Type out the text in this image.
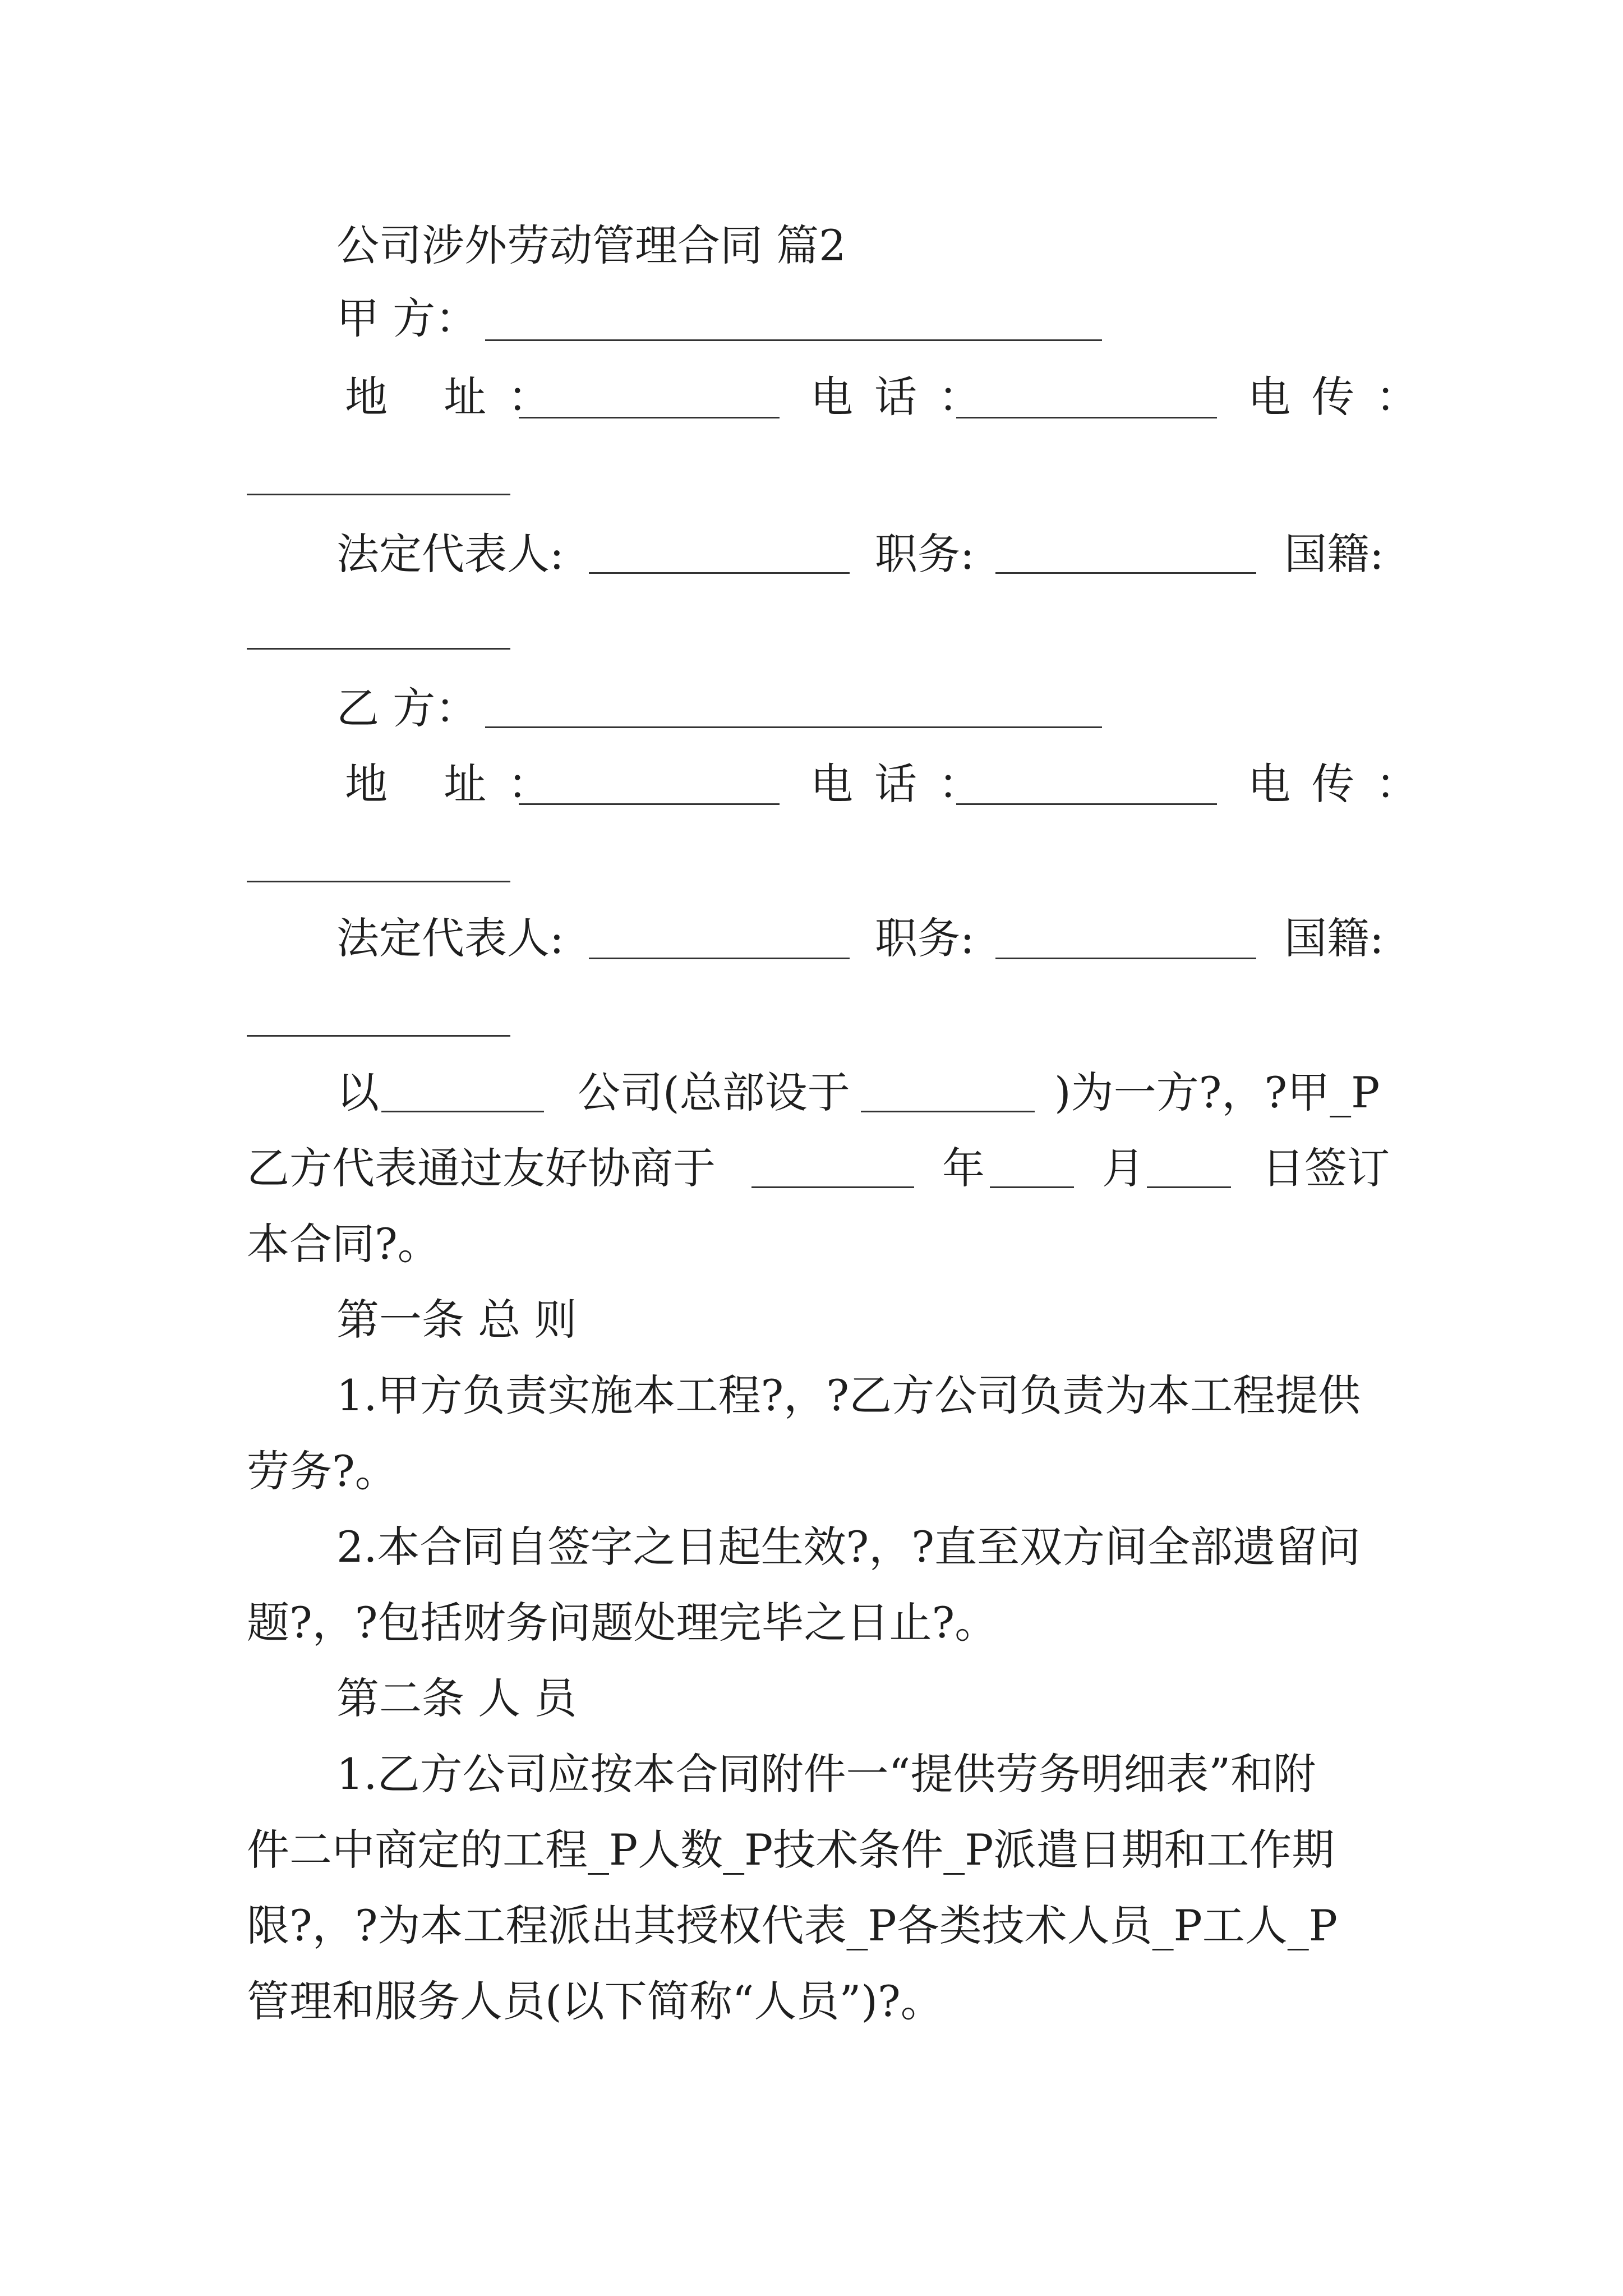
公司涉外劳动管理合同 篇2
甲 方：
地 址：	电话：	电传：
法定代表人:	职务:	国籍:
乙 方：
地 址：	电话：	电传：
法定代表人:	职务:	国籍:
以	公司(总部设于	)为一方?，?甲_P
乙方代表通过友好协商于	年	月	日签订
本合同?。
第一条 总 则
1.甲方负责实施本工程?，?乙方公司负责为本工程提供
劳务?。
2.本合同自签字之日起生效?，?直至双方间全部遗留问
题?，?包括财务问题处理完毕之日止?。
第二条 人 员
1.乙方公司应按本合同附件一“提供劳务明细表”和附
件二中商定的工程_P人数_P技术条件_P派遣日期和工作期
限?，?为本工程派出其授权代表_P各类技术人员_P工人_P
管理和服务人员(以下简称“人员”)?。
